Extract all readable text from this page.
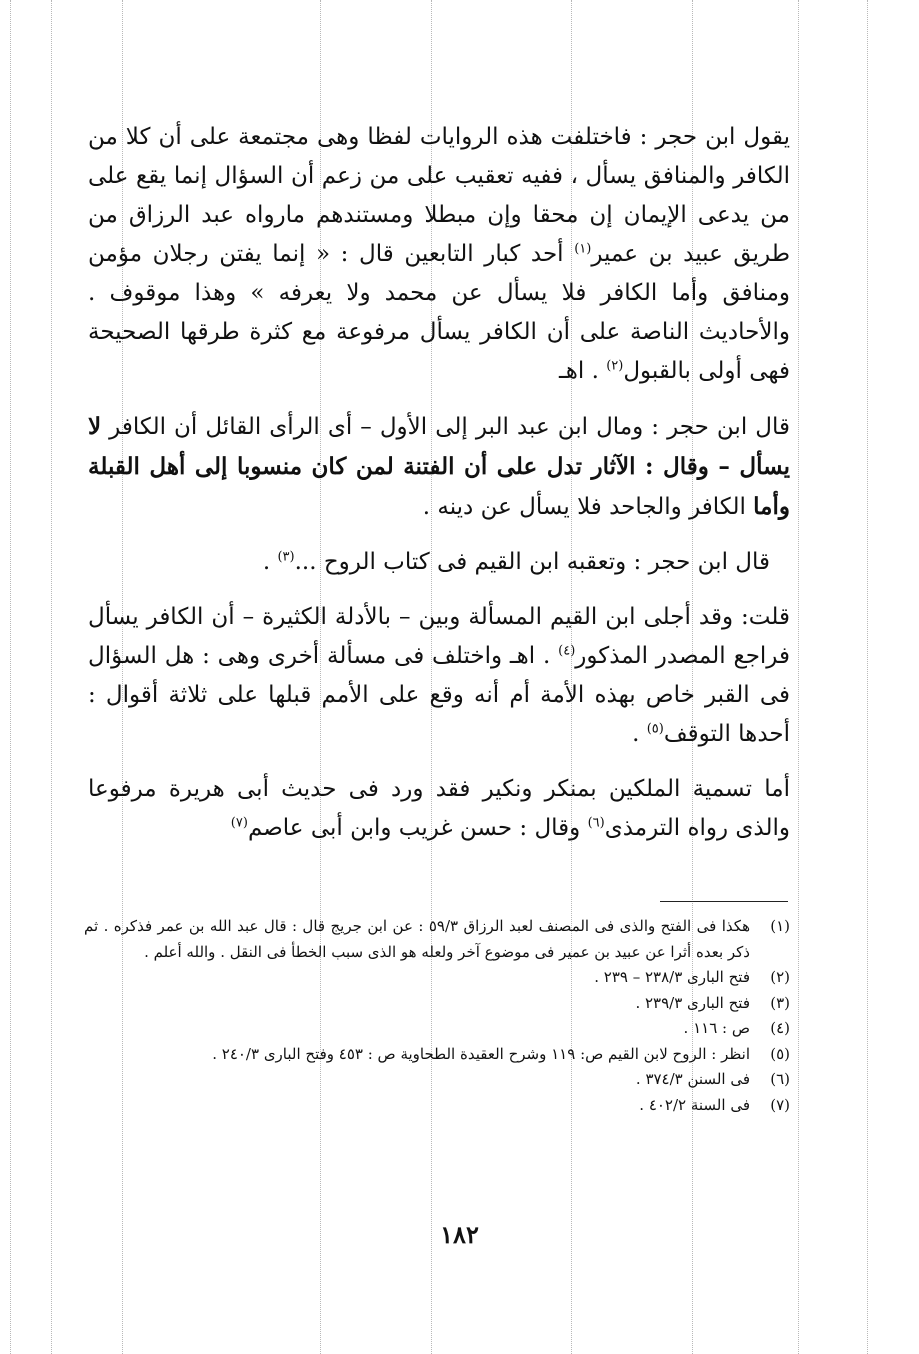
يقول ابن حجر : فاختلفت هذه الروايات لفظا وهى مجتمعة على أن كلا من الكافر والمنافق يسأل ، ففيه تعقيب على من زعم أن السؤال إنما يقع على من يدعى الإيمان إن محقا وإن مبطلا ومستندهم مارواه عبد الرزاق من طريق عبيد بن عمير$^{(١)}$ أحد كبار التابعين قال : « إنما يفتن رجلان مؤمن ومنافق وأما الكافر فلا يسأل عن محمد ولا يعرفه » وهذا موقوف . والأحاديث الناصة على أن الكافر يسأل مرفوعة مع كثرة طرقها الصحيحة فهى أولى بالقبول$^{(٢)}$ . اهـ

قال ابن حجر : ومال ابن عبد البر إلى الأول – أى الرأى القائل أن الكافر لا يسأل – وقال : الآثار تدل على أن الفتنة لمن كان منسوبا إلى أهل القبلة وأما الكافر والجاحد فلا يسأل عن دينه .

قال ابن حجر : وتعقبه ابن القيم فى كتاب الروح ...$^{(٣)}$ .

قلت: وقد أجلى ابن القيم المسألة وبين – بالأدلة الكثيرة – أن الكافر يسأل فراجع المصدر المذكور$^{(٤)}$ . اهـ واختلف فى مسألة أخرى وهى : هل السؤال فى القبر خاص بهذه الأمة أم أنه وقع على الأمم قبلها على ثلاثة أقوال : أحدها التوقف$^{(٥)}$ .

أما تسمية الملكين بمنكر ونكير فقد ورد فى حديث أبى هريرة مرفوعا والذى رواه الترمذى$^{(٦)}$ وقال : حسن غريب وابن أبى عاصم$^{(٧)}$

(١)
هكذا فى الفتح والذى فى المصنف لعبد الرزاق ٥٩/٣ : عن ابن جريج قال : قال عبد الله بن عمر فذكره . ثم ذكر بعده أثرا عن عبيد بن عمير فى موضوع آخر ولعله هو الذى سبب الخطأ فى النقل . والله أعلم .
(٢)
فتح البارى ٢٣٨/٣ – ٢٣٩ .
(٣)
فتح البارى ٢٣٩/٣ .
(٤)
ص : ١١٦ .
(٥)
انظر : الروح لابن القيم ص: ١١٩ وشرح العقيدة الطحاوية ص : ٤٥٣ وفتح البارى ٢٤٠/٣ .
(٦)
فى السنن ٣٧٤/٣ .
(٧)
فى السنة ٤٠٢/٢ .
١٨٢
